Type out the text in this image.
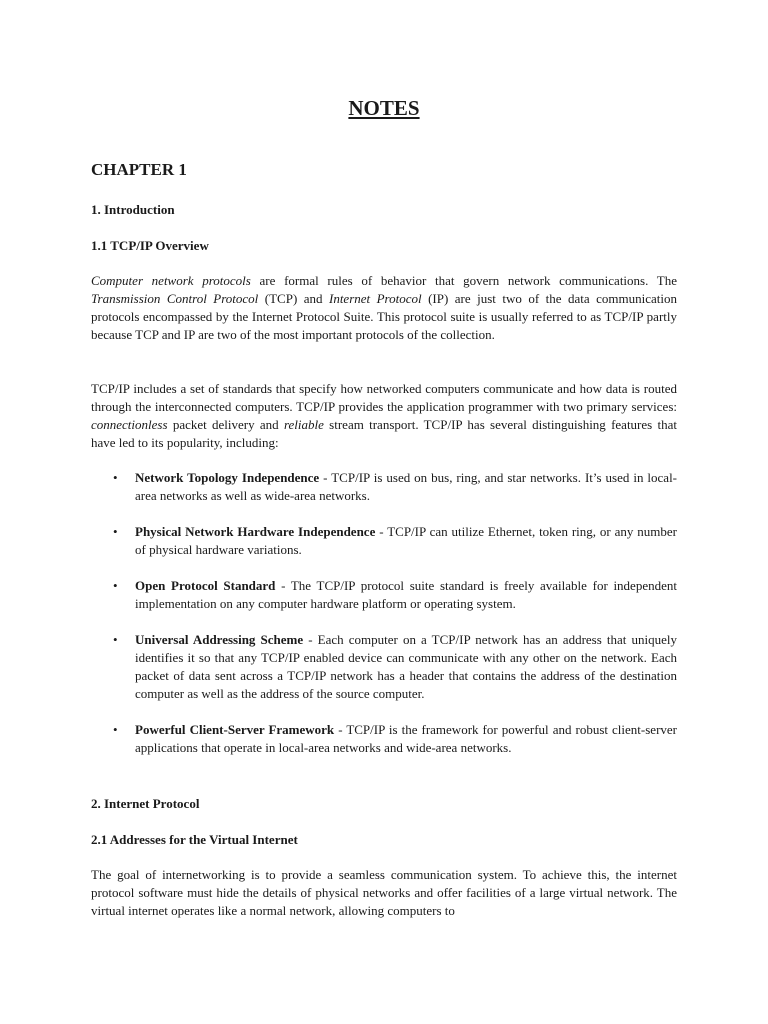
NOTES
CHAPTER 1
1. Introduction
1.1 TCP/IP Overview

Computer network protocols are formal rules of behavior that govern network communications. The Transmission Control Protocol (TCP) and Internet Protocol (IP) are just two of the data communication protocols encompassed by the Internet Protocol Suite. This protocol suite is usually referred to as TCP/IP partly because TCP and IP are two of the most important protocols of the collection.

TCP/IP includes a set of standards that specify how networked computers communicate and how data is routed through the interconnected computers. TCP/IP provides the application programmer with two primary services: connectionless packet delivery and reliable stream transport. TCP/IP has several distinguishing features that have led to its popularity, including:

• Network Topology Independence - TCP/IP is used on bus, ring, and star networks. It’s used in local-area networks as well as wide-area networks.
• Physical Network Hardware Independence - TCP/IP can utilize Ethernet, token ring, or any number of physical hardware variations.
• Open Protocol Standard - The TCP/IP protocol suite standard is freely available for independent implementation on any computer hardware platform or operating system.
• Universal Addressing Scheme - Each computer on a TCP/IP network has an address that uniquely identifies it so that any TCP/IP enabled device can communicate with any other on the network. Each packet of data sent across a TCP/IP network has a header that contains the address of the destination computer as well as the address of the source computer.
• Powerful Client-Server Framework - TCP/IP is the framework for powerful and robust client-server applications that operate in local-area networks and wide-area networks.
2. Internet Protocol
2.1 Addresses for the Virtual Internet

The goal of internetworking is to provide a seamless communication system. To achieve this, the internet protocol software must hide the details of physical networks and offer facilities of a large virtual network. The virtual internet operates like a normal network, allowing computers to
